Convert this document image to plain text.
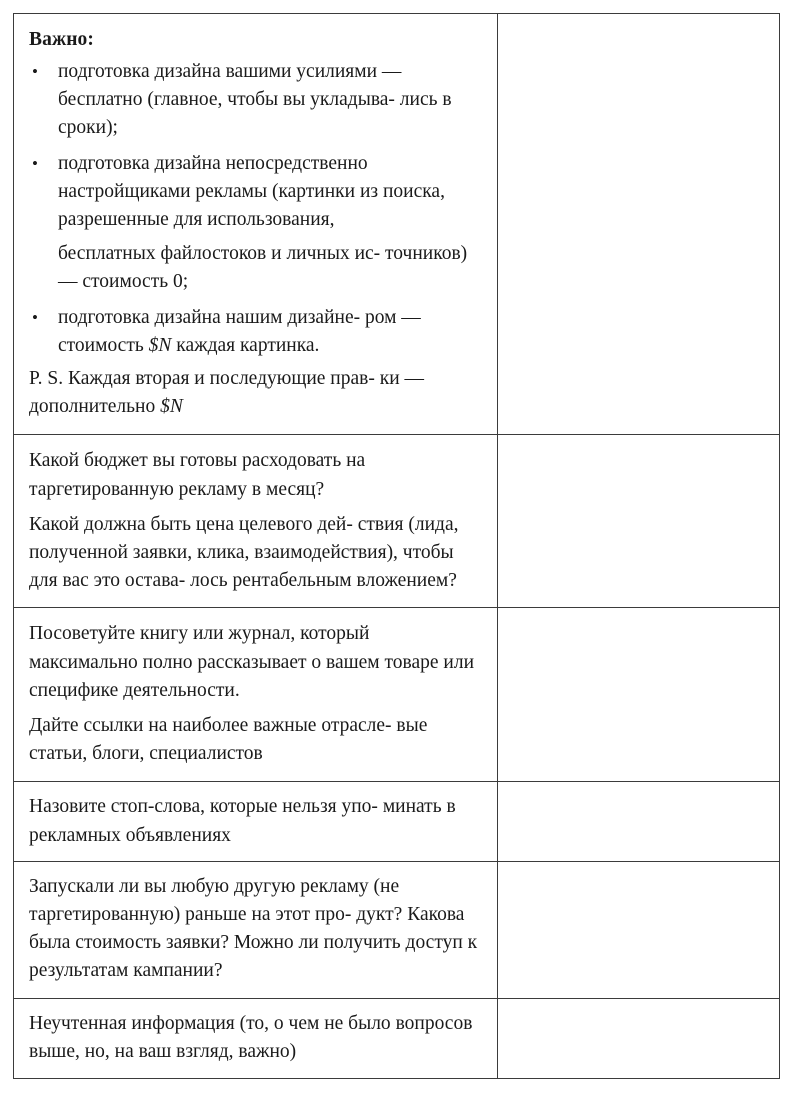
Важно:

• подготовка дизайна вашими усилиями — бесплатно (главное, чтобы вы укладыва- лись в сроки);
• подготовка дизайна непосредственно настройщиками рекламы (картинки из поиска, разрешенные для использования,
бесплатных файлостоков и личных ис- точников) — стоимость 0;
• подготовка дизайна нашим дизайне- ром — стоимость $N каждая картинка.

P. S. Каждая вторая и последующие прав- ки — дополнительно $N

Какой бюджет вы готовы расходовать на таргетированную рекламу в месяц?

Какой должна быть цена целевого дей- ствия (лида, полученной заявки, клика, взаимодействия), чтобы для вас это остава- лось рентабельным вложением?	

Посоветуйте книгу или журнал, который максимально полно рассказывает о вашем товаре или специфике деятельности.

Дайте ссылки на наиболее важные отрасле- вые статьи, блоги, специалистов	

Назовите стоп-слова, которые нельзя упо- минать в рекламных объявлениях	

Запускали ли вы любую другую рекламу (не таргетированную) раньше на этот про- дукт? Какова была стоимость заявки? Можно ли получить доступ к результатам кампании?	

Неучтенная информация (то, о чем не было вопросов выше, но, на ваш взгляд, важно)	
